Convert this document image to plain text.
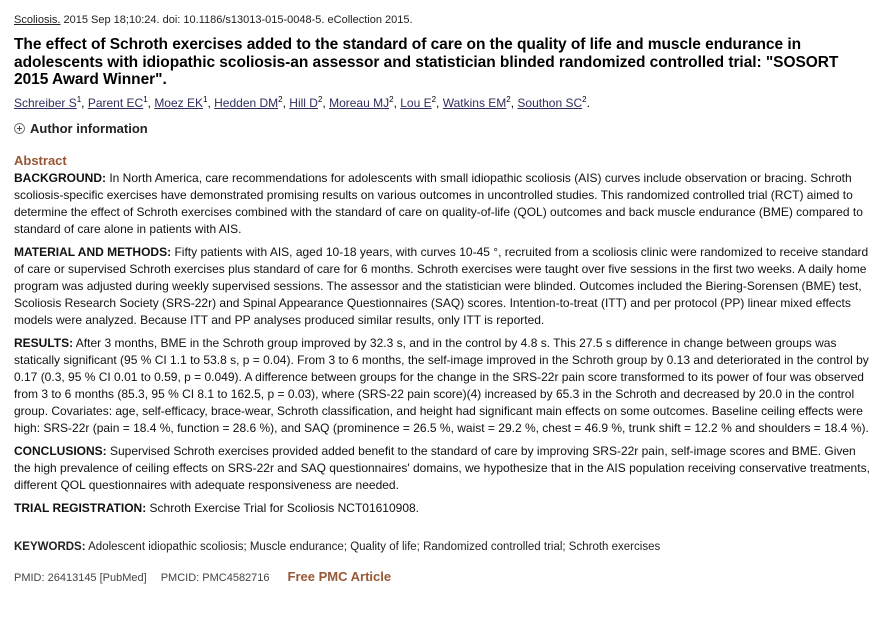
Scoliosis. 2015 Sep 18;10:24. doi: 10.1186/s13013-015-0048-5. eCollection 2015.
The effect of Schroth exercises added to the standard of care on the quality of life and muscle endurance in adolescents with idiopathic scoliosis-an assessor and statistician blinded randomized controlled trial: "SOSORT 2015 Award Winner".
Schreiber $S^1$, Parent $EC^1$, Moez $EK^1$, Hedden $DM^2$, Hill $D^2$, Moreau $MJ^2$, Lou $E^2$, Watkins $EM^2$, Southon $SC^2$.
Author information
Abstract

BACKGROUND: In North America, care recommendations for adolescents with small idiopathic scoliosis (AIS) curves include observation or bracing. Schroth scoliosis-specific exercises have demonstrated promising results on various outcomes in uncontrolled studies. This randomized controlled trial (RCT) aimed to determine the effect of Schroth exercises combined with the standard of care on quality-of-life (QOL) outcomes and back muscle endurance (BME) compared to standard of care alone in patients with AIS.

MATERIAL AND METHODS: Fifty patients with AIS, aged 10-18 years, with curves 10-45 °, recruited from a scoliosis clinic were randomized to receive standard of care or supervised Schroth exercises plus standard of care for 6 months. Schroth exercises were taught over five sessions in the first two weeks. A daily home program was adjusted during weekly supervised sessions. The assessor and the statistician were blinded. Outcomes included the Biering-Sorensen (BME) test, Scoliosis Research Society (SRS-22r) and Spinal Appearance Questionnaires (SAQ) scores. Intention-to-treat (ITT) and per protocol (PP) linear mixed effects models were analyzed. Because ITT and PP analyses produced similar results, only ITT is reported.

RESULTS: After 3 months, BME in the Schroth group improved by 32.3 s, and in the control by 4.8 s. This 27.5 s difference in change between groups was statically significant (95 % CI 1.1 to 53.8 s, p = 0.04). From 3 to 6 months, the self-image improved in the Schroth group by 0.13 and deteriorated in the control by 0.17 (0.3, 95 % CI 0.01 to 0.59, p = 0.049). A difference between groups for the change in the SRS-22r pain score transformed to its power of four was observed from 3 to 6 months (85.3, 95 % CI 8.1 to 162.5, p = 0.03), where (SRS-22 pain score)(4) increased by 65.3 in the Schroth and decreased by 20.0 in the control group. Covariates: age, self-efficacy, brace-wear, Schroth classification, and height had significant main effects on some outcomes. Baseline ceiling effects were high: SRS-22r (pain = 18.4 %, function = 28.6 %), and SAQ (prominence = 26.5 %, waist = 29.2 %, chest = 46.9 %, trunk shift = 12.2 % and shoulders = 18.4 %).

CONCLUSIONS: Supervised Schroth exercises provided added benefit to the standard of care by improving SRS-22r pain, self-image scores and BME. Given the high prevalence of ceiling effects on SRS-22r and SAQ questionnaires' domains, we hypothesize that in the AIS population receiving conservative treatments, different QOL questionnaires with adequate responsiveness are needed.

TRIAL REGISTRATION: Schroth Exercise Trial for Scoliosis NCT01610908.

KEYWORDS: Adolescent idiopathic scoliosis; Muscle endurance; Quality of life; Randomized controlled trial; Schroth exercises
PMID: 26413145 [PubMed] PMCID: PMC4582716 Free PMC Article
